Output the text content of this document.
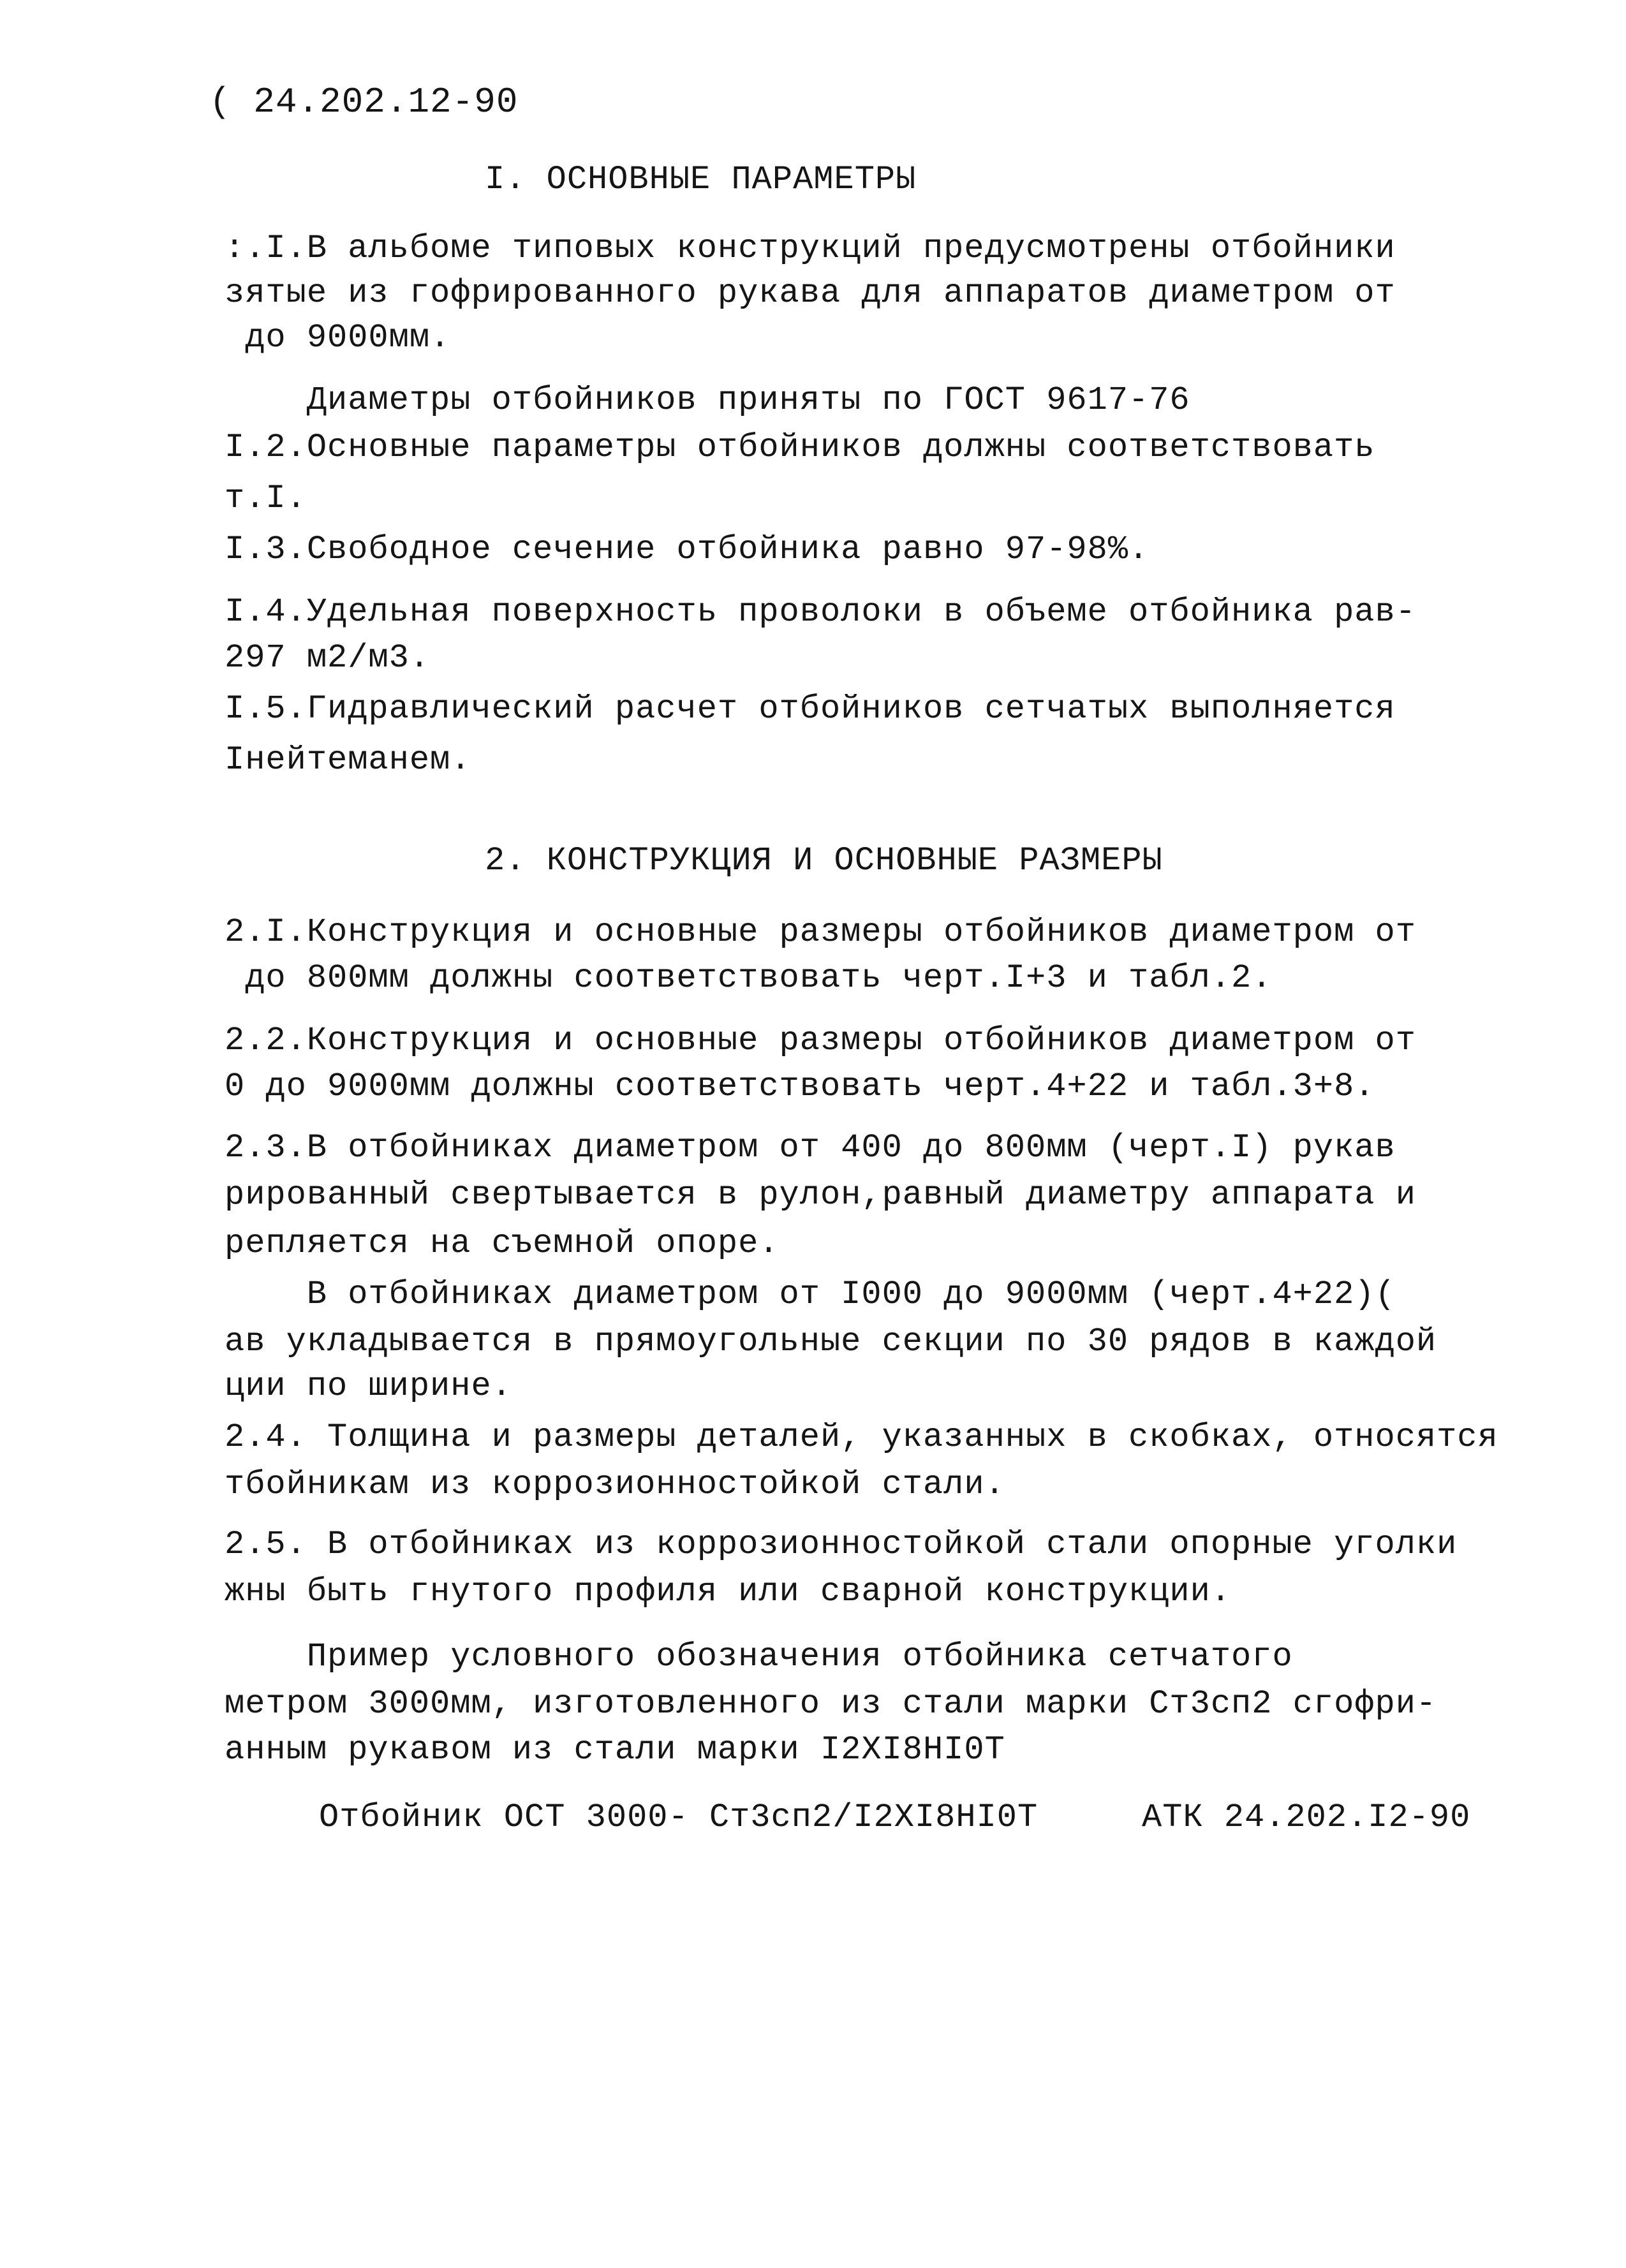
( 24.202.12-90
I. ОСНОВНЫЕ ПАРАМЕТРЫ
:.I.В альбоме типовых конструкций предусмотрены отбойники
зятые из гофрированного рукава для аппаратов диаметром от
до 9000мм.
Диаметры отбойников приняты по ГОСТ 9617-76
I.2.Основные параметры отбойников должны соответствовать
т.I.
I.3.Свободное сечение отбойника равно 97-98%.
I.4.Удельная поверхность проволоки в объеме отбойника рав-
297 м2/м3.
I.5.Гидравлический расчет отбойников сетчатых выполняется
Iнейтеманем.
2. КОНСТРУКЦИЯ И ОСНОВНЫЕ РАЗМЕРЫ
2.I.Конструкция и основные размеры отбойников диаметром от
до 800мм должны соответствовать черт.I+3 и табл.2.
2.2.Конструкция и основные размеры отбойников диаметром от
0 до 9000мм должны соответствовать черт.4+22 и табл.3+8.
2.3.В отбойниках диаметром от 400 до 800мм (черт.I) рукав
рированный свертывается в рулон,равный диаметру аппарата и
репляется на съемной опоре.
В отбойниках диаметром от I000 до 9000мм (черт.4+22)(
ав укладывается в прямоугольные секции по 30 рядов в каждой
ции по ширине.
2.4. Толщина и размеры деталей, указанных в скобках, относятся
тбойникам из коррозионностойкой стали.
2.5. В отбойниках из коррозионностойкой стали опорные уголки
жны быть гнутого профиля или сварной конструкции.
Пример условного обозначения отбойника сетчатого
метром 3000мм, изготовленного из стали марки Ст3сп2 сгофри-
анным рукавом из стали марки I2XI8HI0T
Отбойник ОСТ 3000- Ст3сп2/I2XI8HI0T	АТК 24.202.I2-90
